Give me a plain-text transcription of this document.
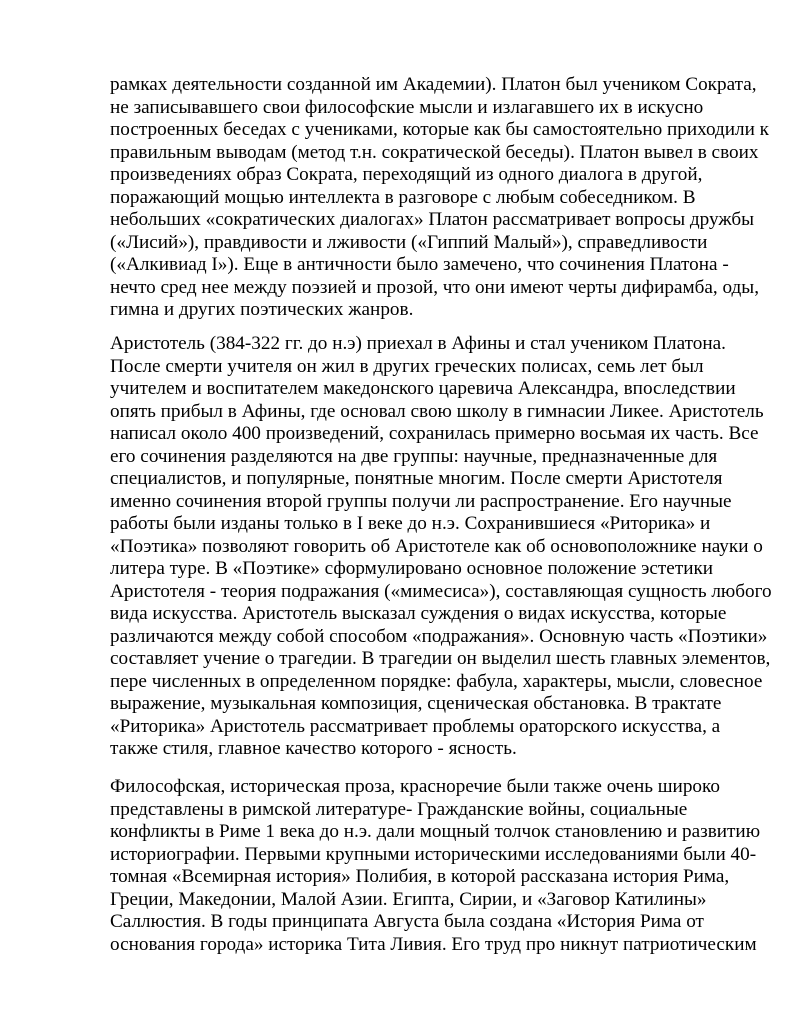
рамках деятельности созданной им Академии). Платон был учеником Сократа,
не записывавшего свои философские мысли и излагавшего их в искусно
построенных беседах с учениками, которые как бы самостоятельно приходили к
правильным выводам (метод т.н. сократической беседы). Платон вывел в своих
произведениях образ Сократа, переходящий из одного диалога в другой,
поражающий мощью интеллекта в разговоре с любым собеседником. В
небольших «сократических диалогах» Платон рассматривает вопросы дружбы
(«Лисий»), правдивости и лживости («Гиппий Малый»), справедливости
(«Алкивиад I»). Еще в античности было замечено, что сочинения Платона -
нечто сред нее между поэзией и прозой, что они имеют черты дифирамба, оды,
гимна и других поэтических жанров.
Аристотель (384-322 гг. до н.э) приехал в Афины и стал учеником Платона.
После смерти учителя он жил в других греческих полисах, семь лет был
учителем и воспитателем македонского царевича Александра, впоследствии
опять прибыл в Афины, где основал свою школу в гимнасии Ликее. Аристотель
написал около 400 произведений, сохранилась примерно восьмая их часть. Все
его сочинения разделяются на две группы: научные, предназначенные для
специалистов, и популярные, понятные многим. После смерти Аристотеля
именно сочинения второй группы получи ли распространение. Его научные
работы были изданы только в I веке до н.э. Сохранившиеся «Риторика» и
«Поэтика» позволяют говорить об Аристотеле как об основоположнике науки о
литера туре. В «Поэтике» сформулировано основное положение эстетики
Аристотеля - теория подражания («мимесиса»), составляющая сущность любого
вида искусства. Аристотель высказал суждения о видах искусства, которые
различаются между собой способом «подражания». Основную часть «Поэтики»
составляет учение о трагедии. В трагедии он выделил шесть главных элементов,
пере численных в определенном порядке: фабула, характеры, мысли, словесное
выражение, музыкальная композиция, сценическая обстановка. В трактате
«Риторика» Аристотель рассматривает проблемы ораторского искусства, а
также стиля, главное качество которого - ясность.
Философская, историческая проза, красноречие были также очень широко
представлены в римской литературе- Гражданские войны, социальные
конфликты в Риме 1 века до н.э. дали мощный толчок становлению и развитию
историографии. Первыми крупными историческими исследованиями были 40-
томная «Всемирная история» Полибия, в которой рассказана история Рима,
Греции, Македонии, Малой Азии. Египта, Сирии, и «Заговор Катилины»
Саллюстия. В годы принципата Августа была создана «История Рима от
основания города» историка Тита Ливия. Его труд про никнут патриотическим
